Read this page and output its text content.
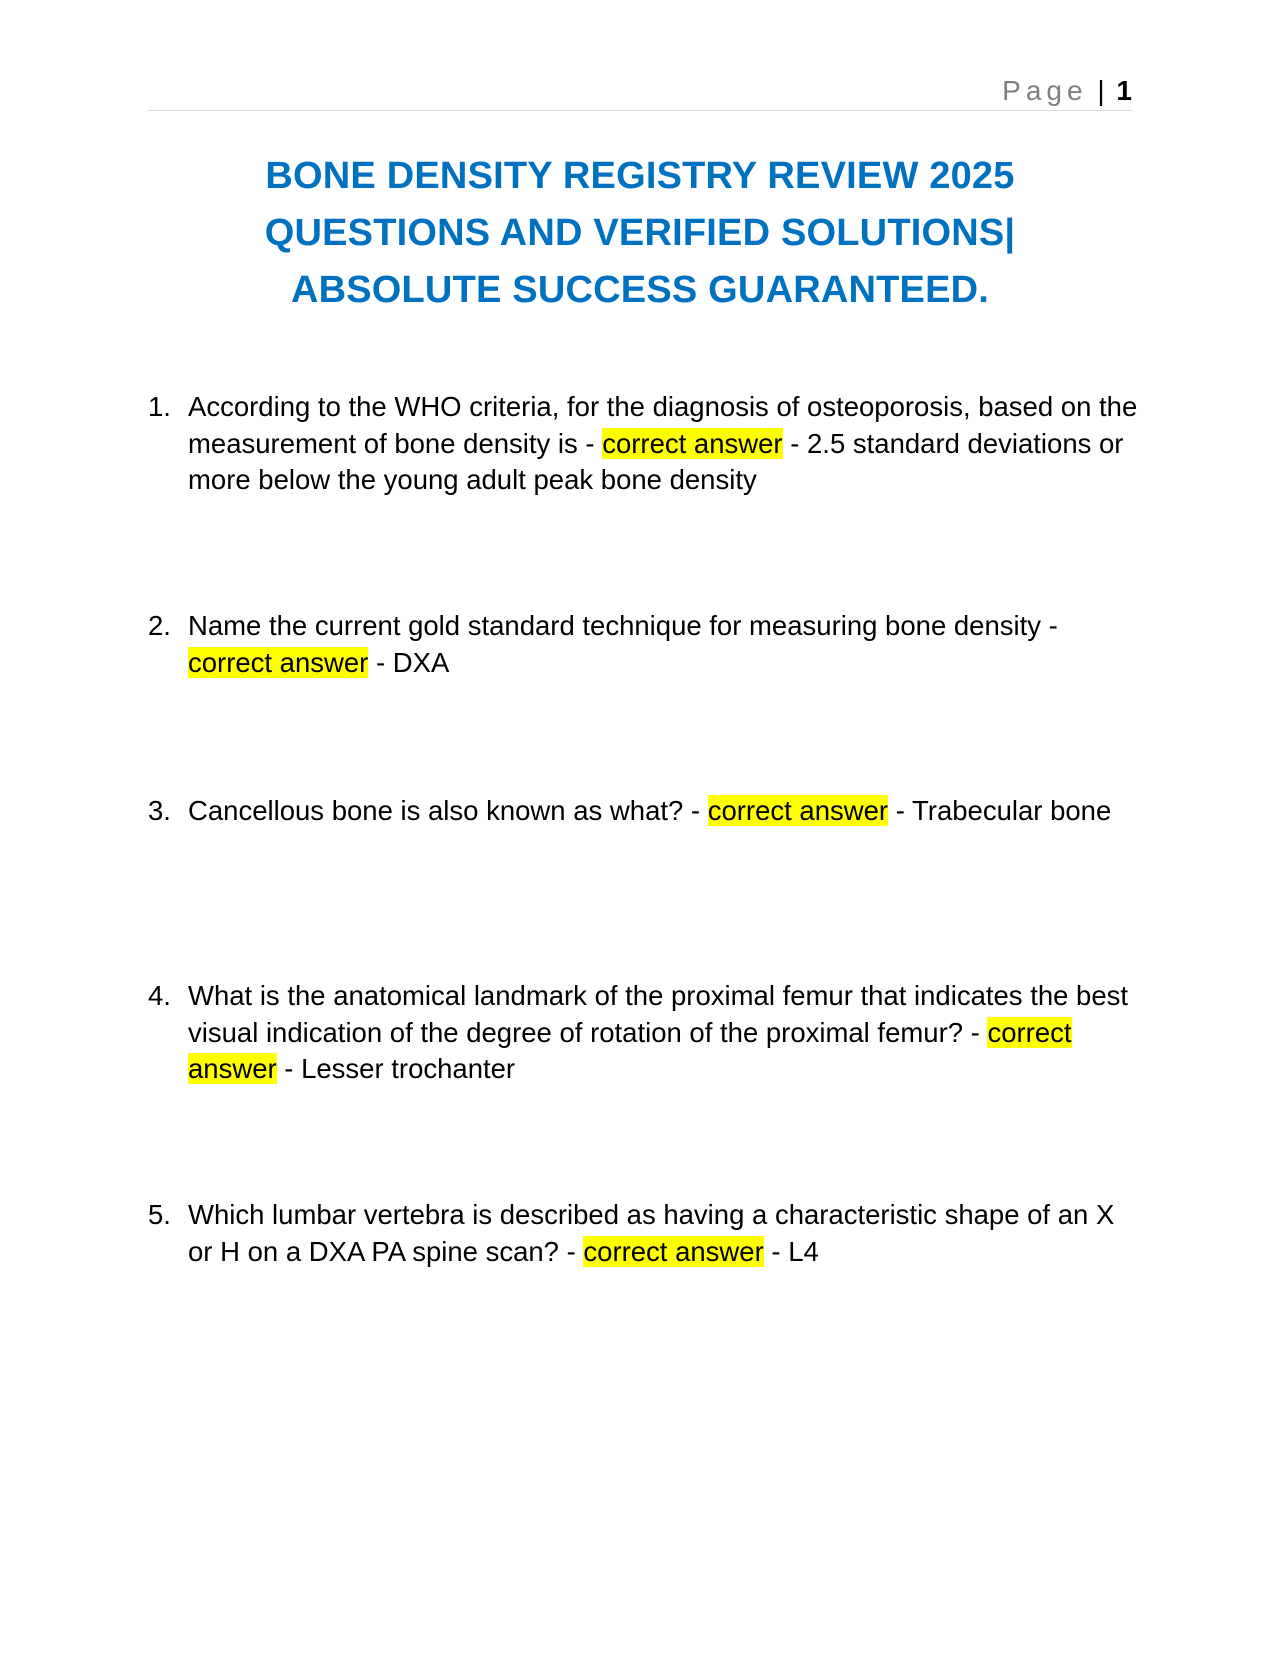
Page | 1
BONE DENSITY REGISTRY REVIEW 2025
QUESTIONS AND VERIFIED SOLUTIONS|
ABSOLUTE SUCCESS GUARANTEED.
1. According to the WHO criteria, for the diagnosis of osteoporosis, based on the measurement of bone density is - correct answer - 2.5 standard deviations or more below the young adult peak bone density
2. Name the current gold standard technique for measuring bone density - correct answer - DXA
3. Cancellous bone is also known as what? - correct answer - Trabecular bone
4. What is the anatomical landmark of the proximal femur that indicates the best visual indication of the degree of rotation of the proximal femur? - correct answer - Lesser trochanter
5. Which lumbar vertebra is described as having a characteristic shape of an X or H on a DXA PA spine scan? - correct answer - L4
